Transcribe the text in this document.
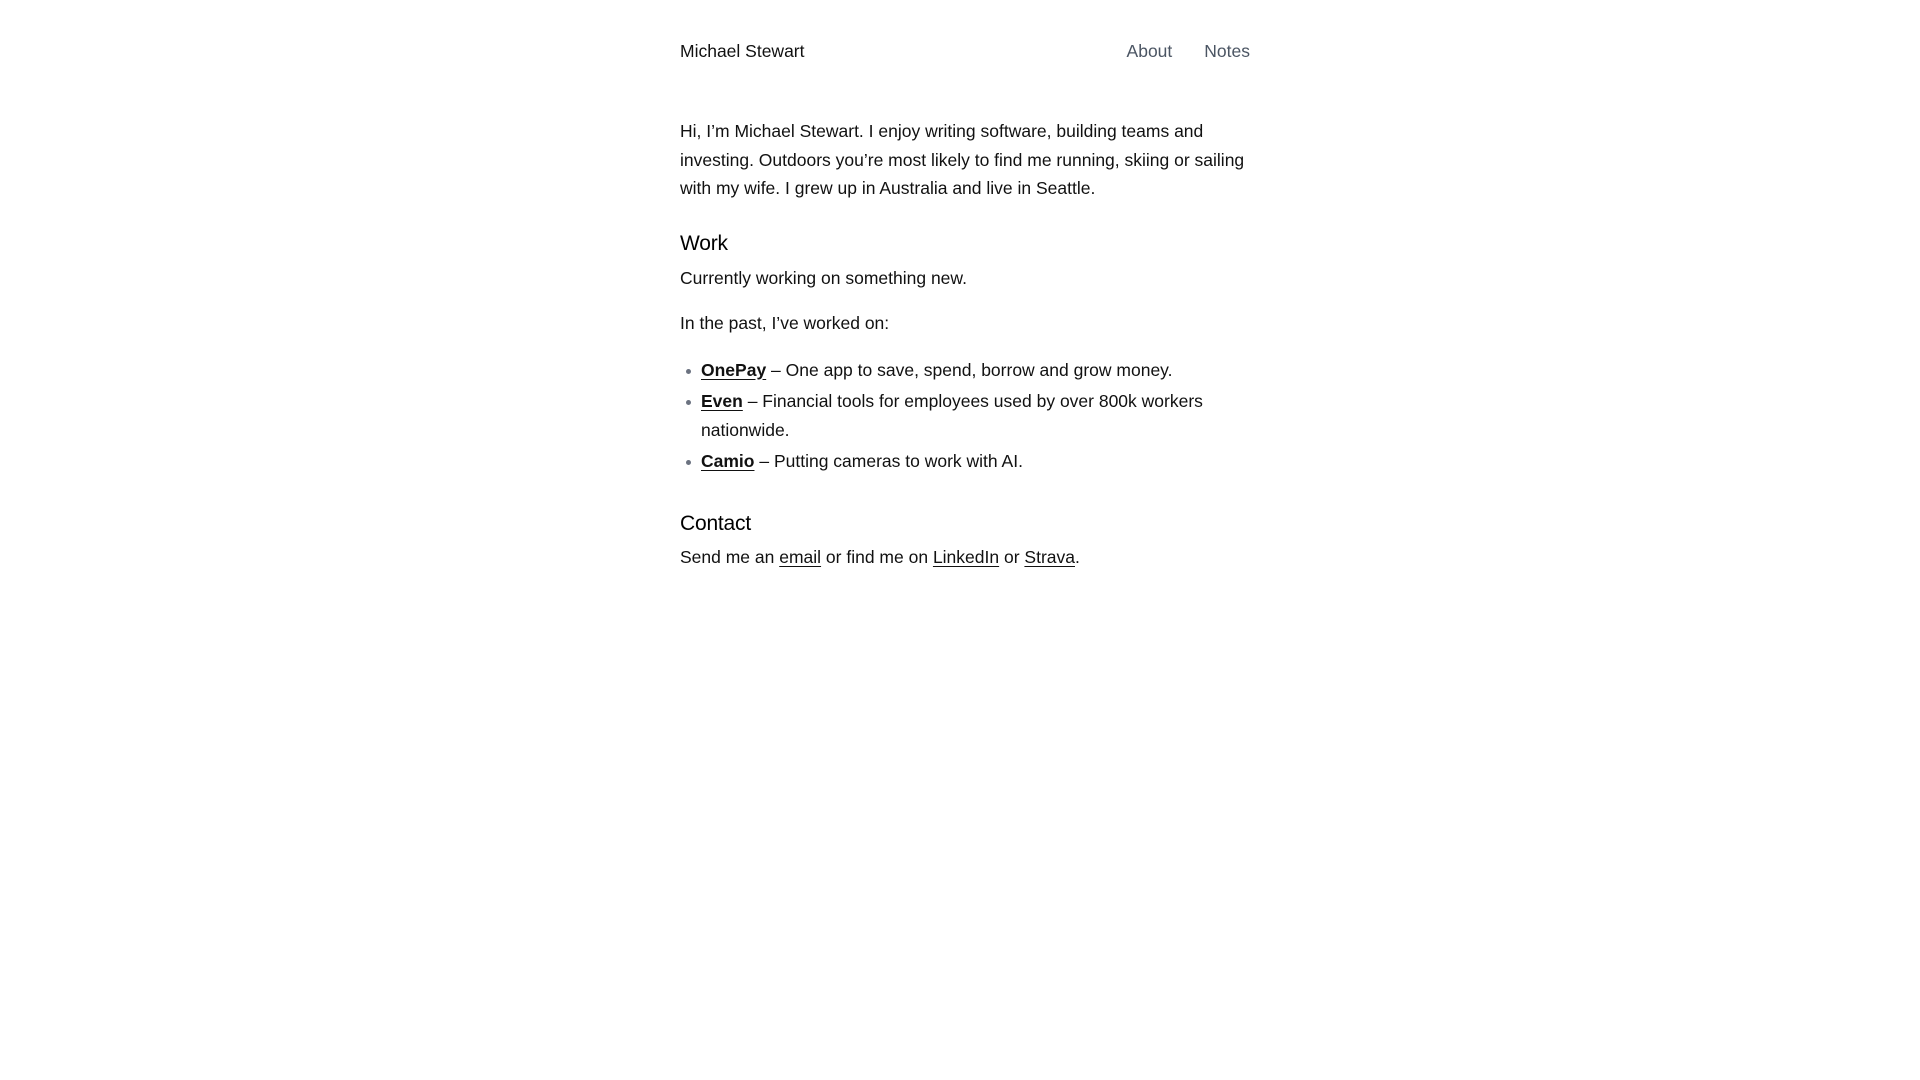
Michael Stewart	About Notes

Hi, I’m Michael Stewart. I enjoy writing software, building teams and investing. Outdoors you’re most likely to find me running, skiing or sailing with my wife. I grew up in Australia and live in Seattle.

Work

Currently working on something new.

In the past, I’ve worked on:

OnePay – One app to save, spend, borrow and grow money.
Even – Financial tools for employees used by over 800k workers nationwide.
Camio – Putting cameras to work with AI.
Contact

Send me an email or find me on LinkedIn or Strava.
